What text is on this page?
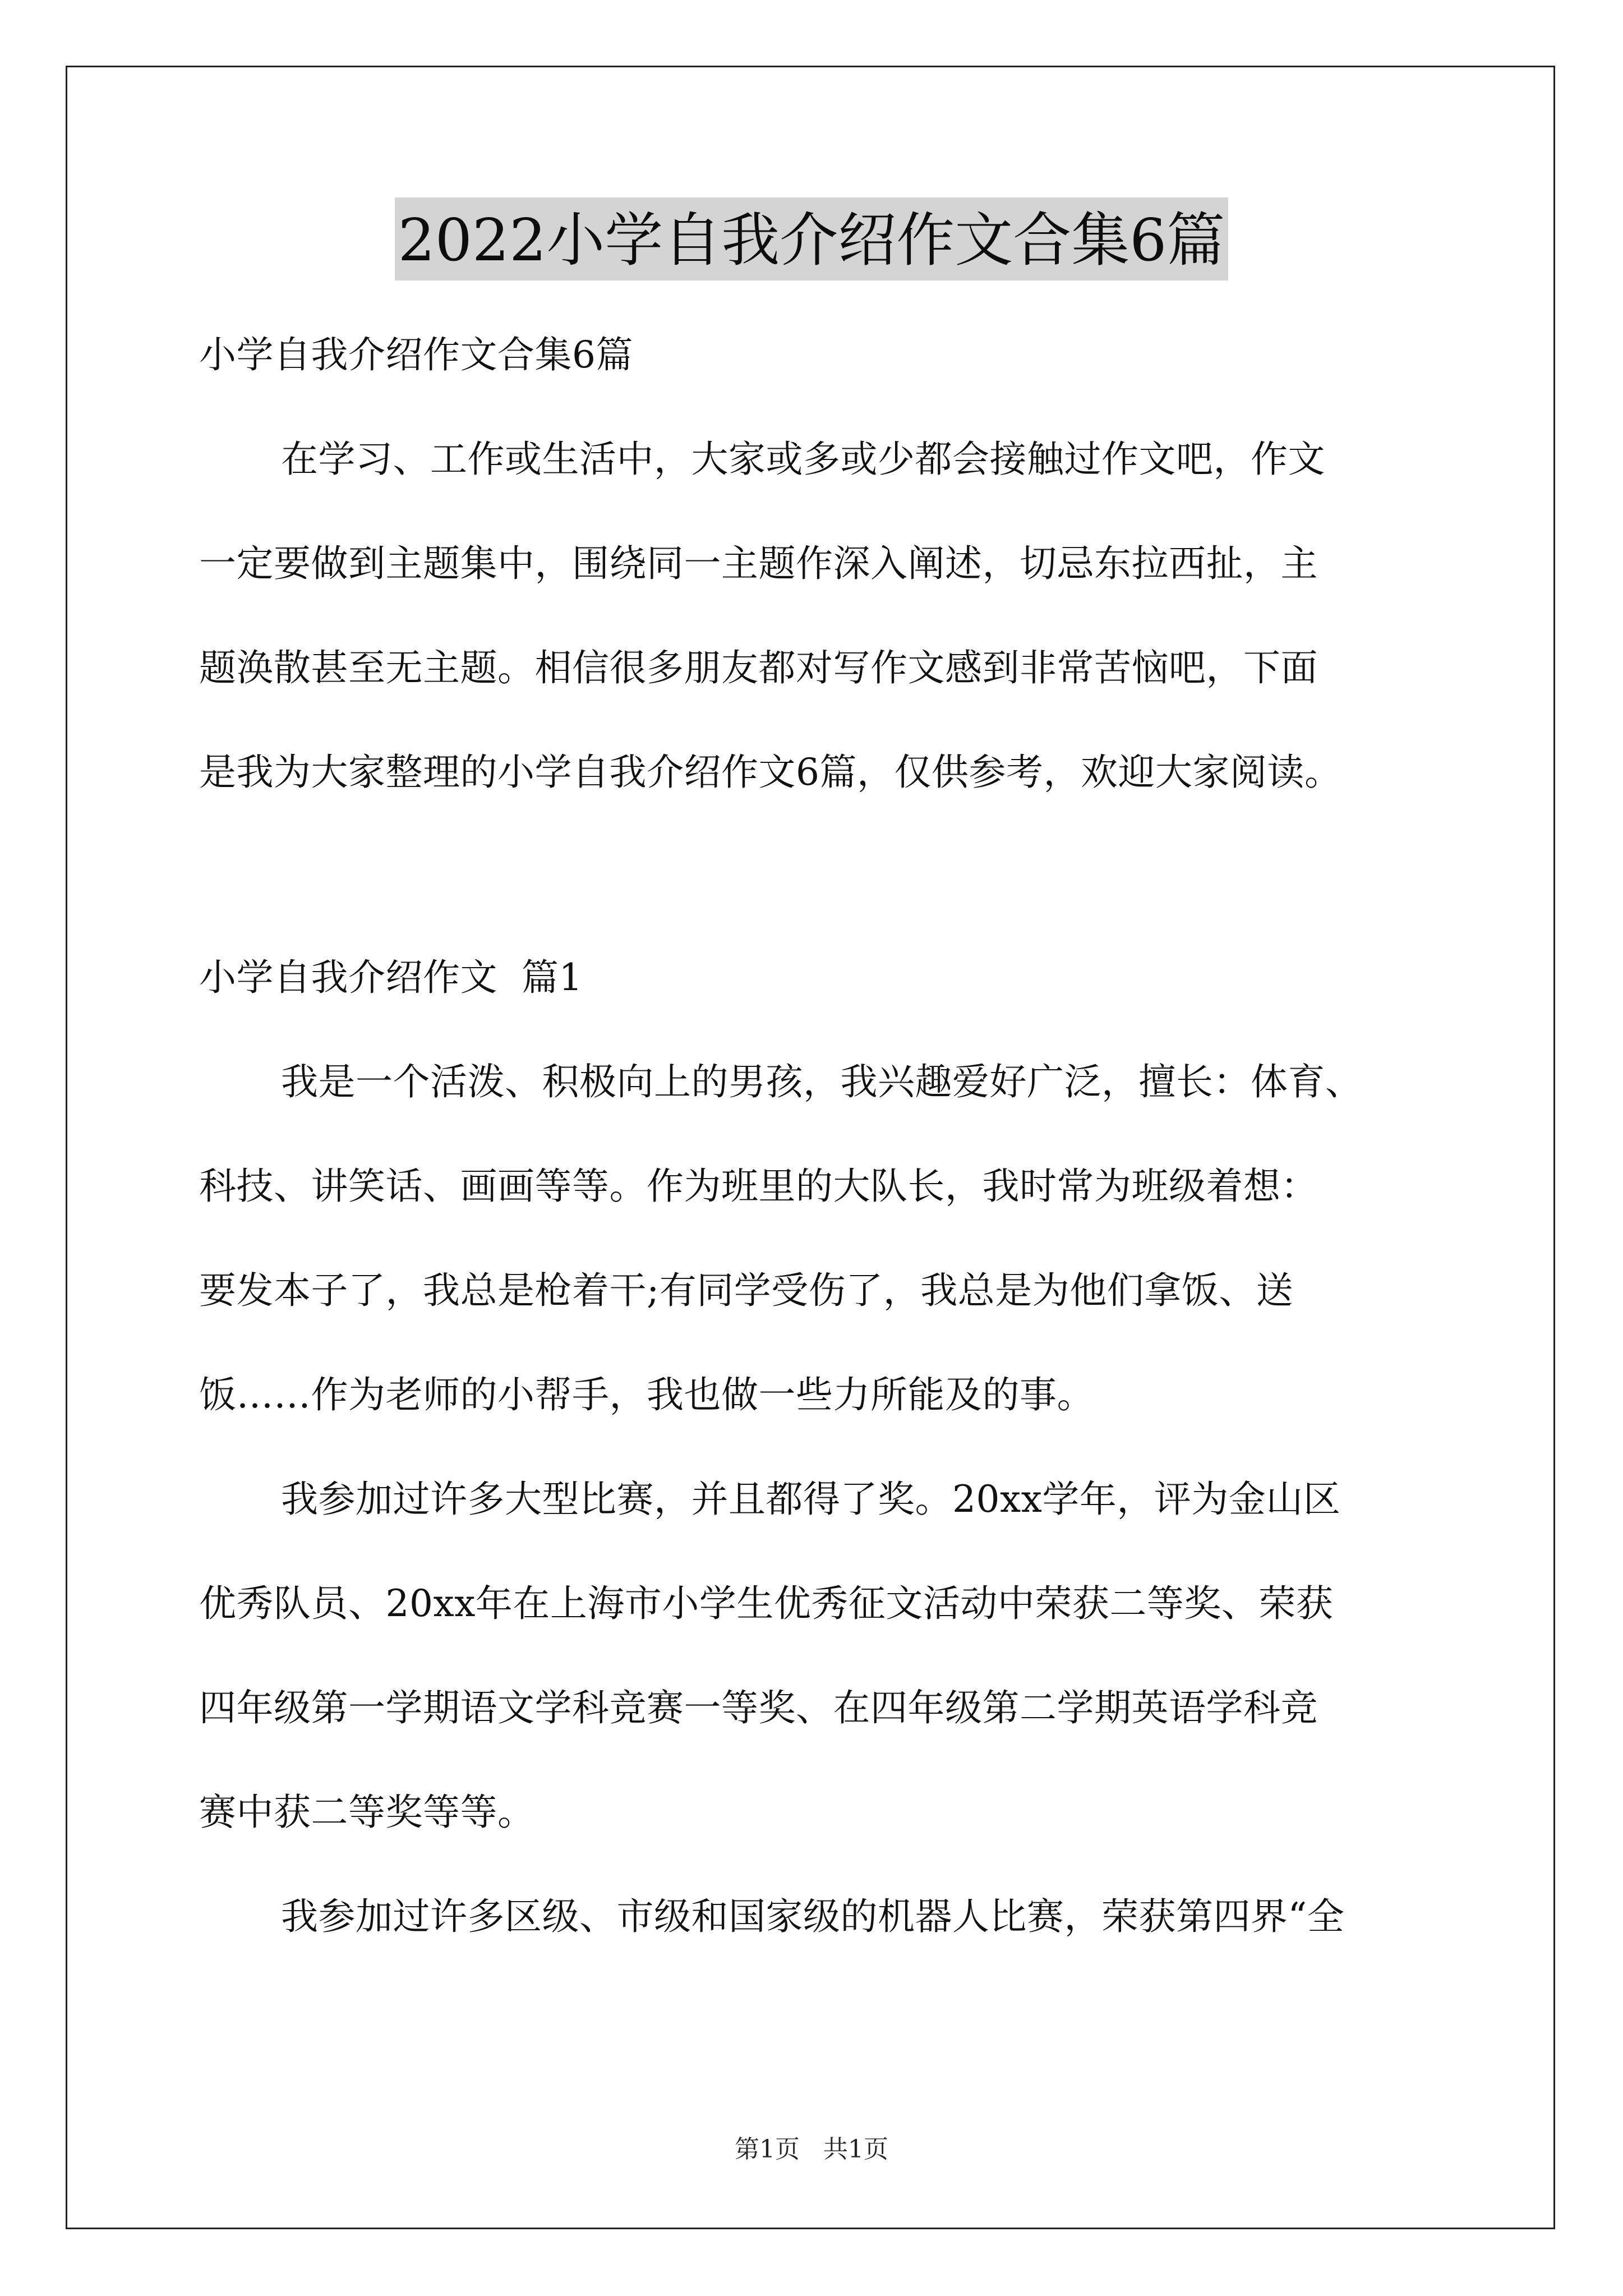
2022小学自我介绍作文合集6篇
小学自我介绍作文合集6篇
在学习、工作或生活中，大家或多或少都会接触过作文吧，作文
一定要做到主题集中，围绕同一主题作深入阐述，切忌东拉西扯，主
题涣散甚至无主题。相信很多朋友都对写作文感到非常苦恼吧，下面
是我为大家整理的小学自我介绍作文6篇，仅供参考，欢迎大家阅读。
小学自我介绍作文  篇1
我是一个活泼、积极向上的男孩，我兴趣爱好广泛，擅长：体育、
科技、讲笑话、画画等等。作为班里的大队长，我时常为班级着想：
要发本子了，我总是枪着干;有同学受伤了，我总是为他们拿饭、送
饭……作为老师的小帮手，我也做一些力所能及的事。
我参加过许多大型比赛，并且都得了奖。20xx学年，评为金山区
优秀队员、20xx年在上海市小学生优秀征文活动中荣获二等奖、荣获
四年级第一学期语文学科竞赛一等奖、在四年级第二学期英语学科竞
赛中获二等奖等等。
我参加过许多区级、市级和国家级的机器人比赛，荣获第四界“全
第1页 共1页
